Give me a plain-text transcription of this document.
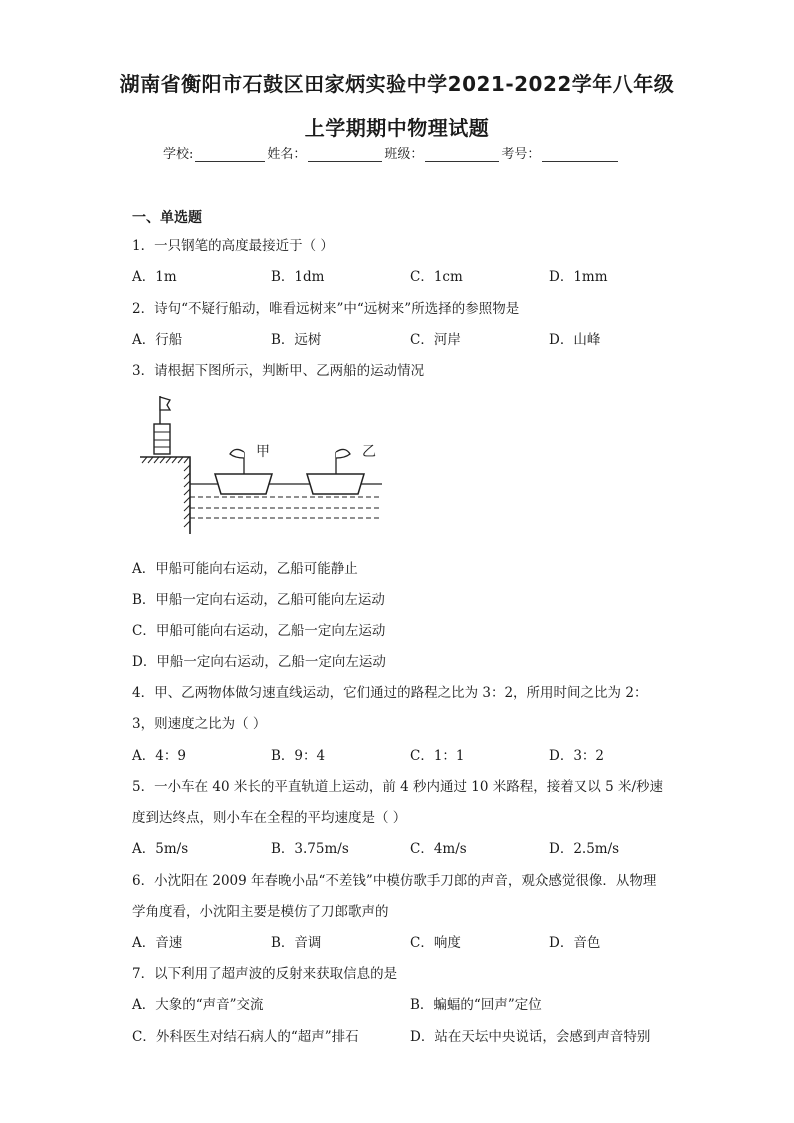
湖南省衡阳市石鼓区田家炳实验中学2021-2022学年八年级
上学期期中物理试题
学校:	姓名：	班级：	考号：
一、单选题
1．一只钢笔的高度最接近于（ ）
A．1m	B．1dm	C．1cm	D．1mm
2．诗句“不疑行船动，唯看远树来”中“远树来”所选择的参照物是
A．行船	B．远树	C．河岸	D．山峰
3．请根据下图所示，判断甲、乙两船的运动情况
甲	乙
A．甲船可能向右运动，乙船可能静止
B．甲船一定向右运动，乙船可能向左运动
C．甲船可能向右运动，乙船一定向左运动
D．甲船一定向右运动，乙船一定向左运动
4．甲、乙两物体做匀速直线运动，它们通过的路程之比为 3：2，所用时间之比为 2：
3，则速度之比为（ ）
A．4：9	B．9：4	C．1：1	D．3：2
5．一小车在 40 米长的平直轨道上运动，前 4 秒内通过 10 米路程，接着又以 5 米/秒速
度到达终点，则小车在全程的平均速度是（ ）
A．5m/s	B．3.75m/s	C．4m/s	D．2.5m/s
6．小沈阳在 2009 年春晚小品“不差钱”中模仿歌手刀郎的声音，观众感觉很像．从物理
学角度看，小沈阳主要是模仿了刀郎歌声的
A．音速	B．音调	C．响度	D．音色
7．以下利用了超声波的反射来获取信息的是
A．大象的“声音”交流	B．蝙蝠的“回声”定位
C．外科医生对结石病人的“超声”排石	D．站在天坛中央说话，会感到声音特别
